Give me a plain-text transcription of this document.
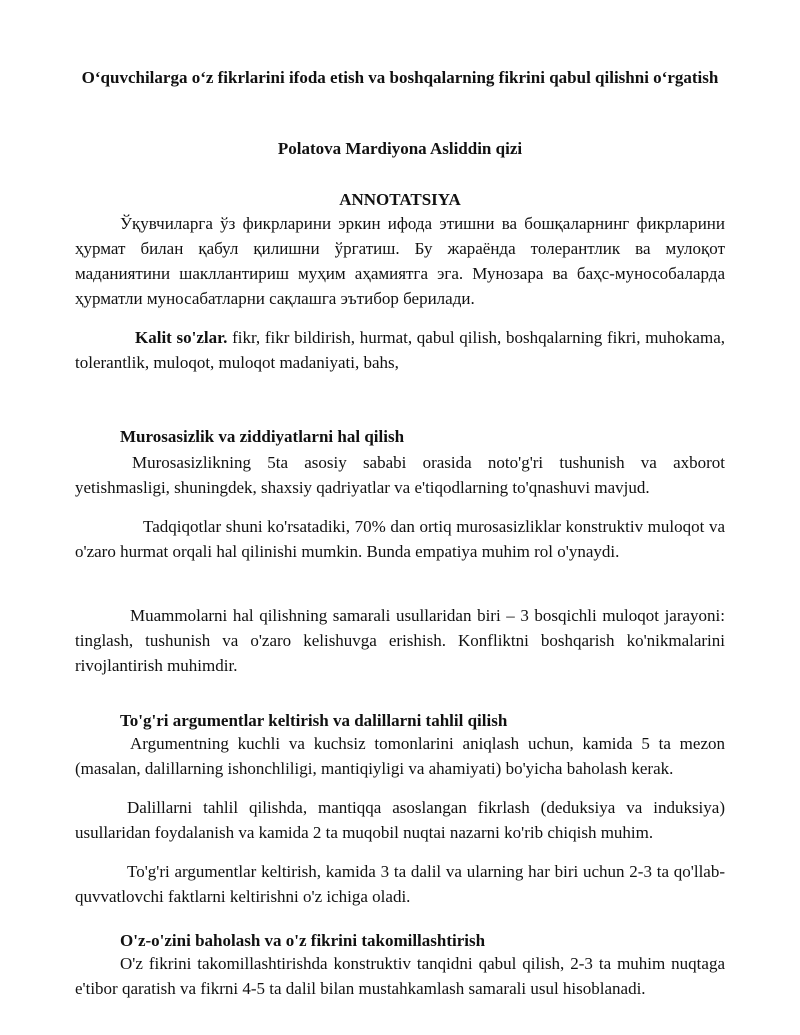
O‘quvchilarga o‘z fikrlarini ifoda etish va boshqalarning fikrini qabul qilishni o‘rgatish

Polatova Mardiyona Asliddin qizi

ANNOTATSIYA

Ўқувчиларга ўз фикрларини эркин ифода этишни ва бошқаларнинг фикрларини ҳурмат билан қабул қилишни ўргатиш. Бу жараёнда толерантлик ва мулоқот маданиятини шакллантириш муҳим аҳамиятга эга. Мунозара ва баҳс-мунособаларда ҳурматли муносабатларни сақлашга эътибор берилади.

Kalit so'zlar. fikr, fikr bildirish, hurmat, qabul qilish, boshqalarning fikri, muhokama, tolerantlik, muloqot, muloqot madaniyati, bahs,

Murosasizlik va ziddiyatlarni hal qilish

Murosasizlikning 5ta asosiy sababi orasida noto'g'ri tushunish va axborot yetishmasligi, shuningdek, shaxsiy qadriyatlar va e'tiqodlarning to'qnashuvi mavjud.

Tadqiqotlar shuni ko'rsatadiki, 70% dan ortiq murosasizliklar konstruktiv muloqot va o'zaro hurmat orqali hal qilinishi mumkin. Bunda empatiya muhim rol o'ynaydi.

Muammolarni hal qilishning samarali usullaridan biri – 3 bosqichli muloqot jarayoni: tinglash, tushunish va o'zaro kelishuvga erishish. Konfliktni boshqarish ko'nikmalarini rivojlantirish muhimdir.

To'g'ri argumentlar keltirish va dalillarni tahlil qilish

Argumentning kuchli va kuchsiz tomonlarini aniqlash uchun, kamida 5 ta mezon (masalan, dalillarning ishonchliligi, mantiqiyligi va ahamiyati) bo'yicha baholash kerak.

Dalillarni tahlil qilishda, mantiqqa asoslangan fikrlash (deduksiya va induksiya) usullaridan foydalanish va kamida 2 ta muqobil nuqtai nazarni ko'rib chiqish muhim.

To'g'ri argumentlar keltirish, kamida 3 ta dalil va ularning har biri uchun 2-3 ta qo'llab-quvvatlovchi faktlarni keltirishni o'z ichiga oladi.

O'z-o'zini baholash va o'z fikrini takomillashtirish

O'z fikrini takomillashtirishda konstruktiv tanqidni qabul qilish, 2-3 ta muhim nuqtaga e'tibor qaratish va fikrni 4-5 ta dalil bilan mustahkamlash samarali usul hisoblanadi.
